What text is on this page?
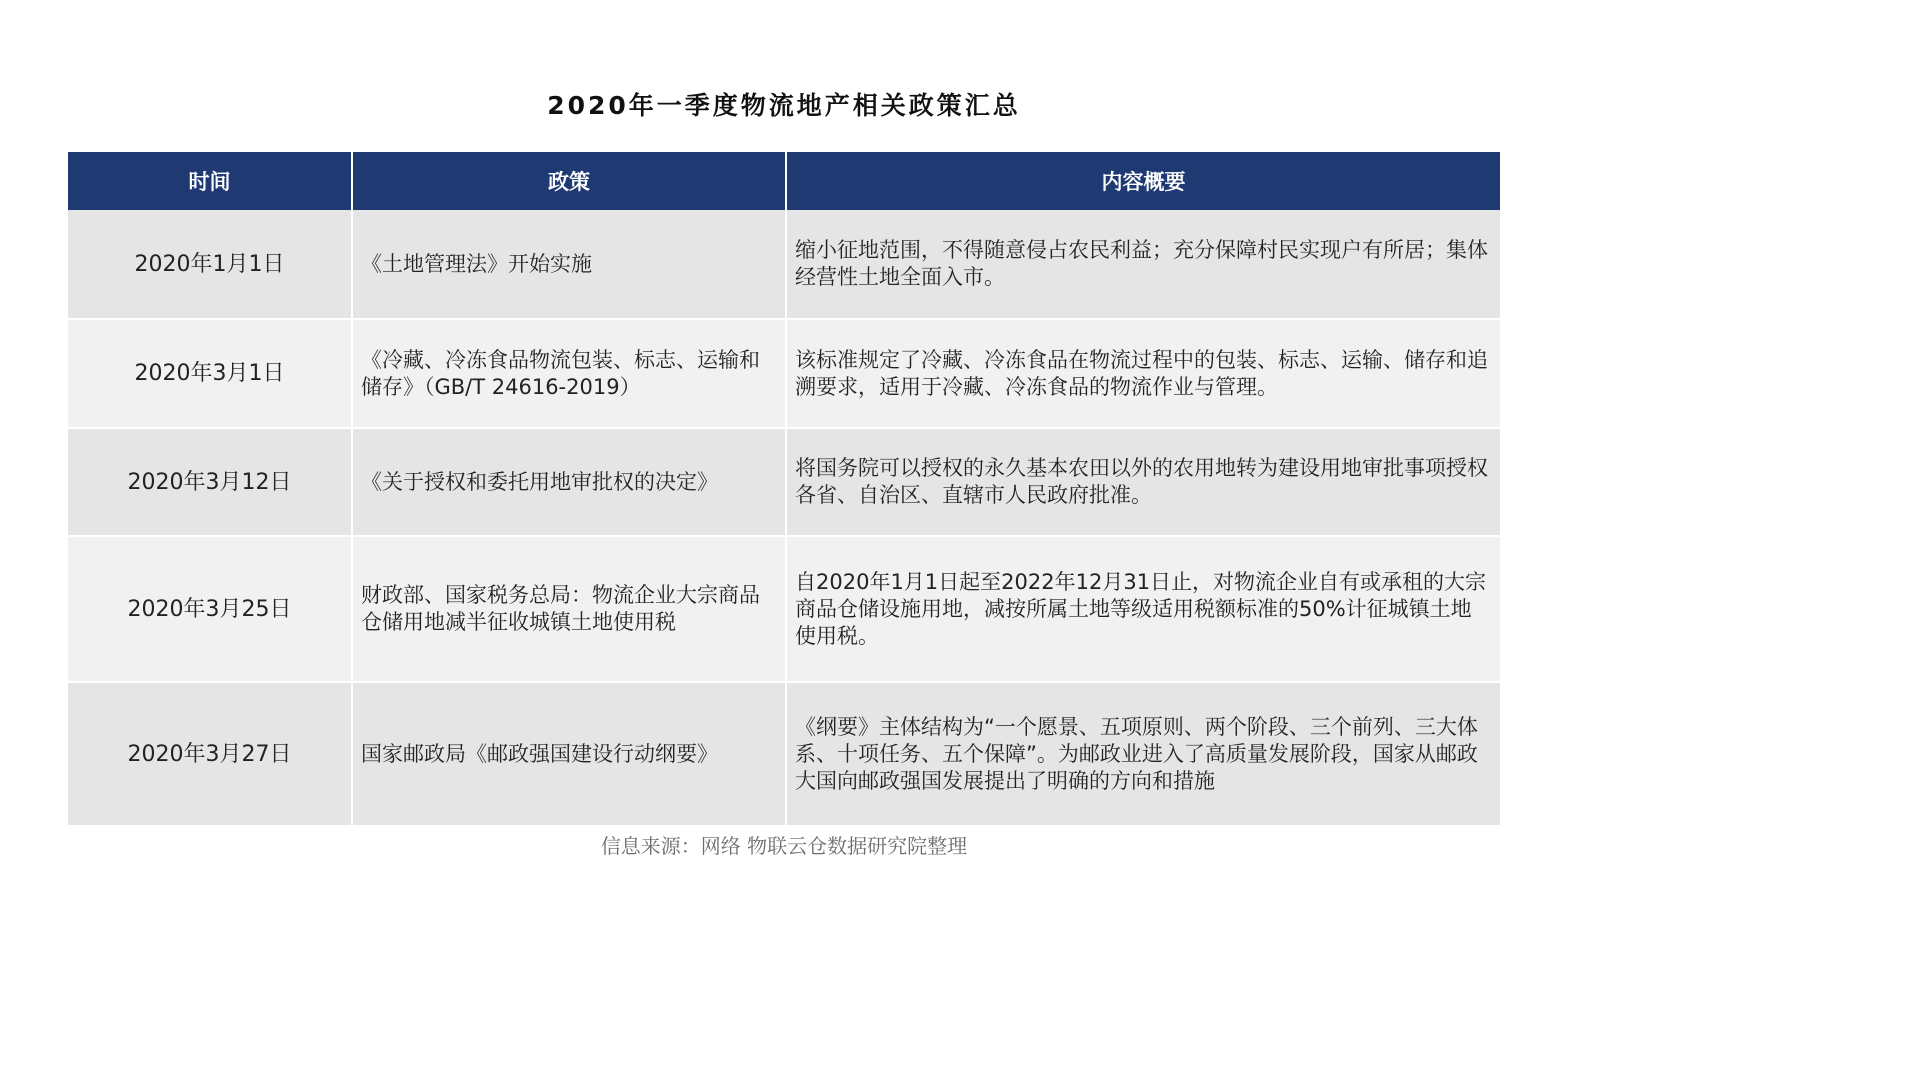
2020年一季度物流地产相关政策汇总
时间	政策	内容概要
2020年1月1日	《土地管理法》开始实施	缩小征地范围，不得随意侵占农民利益；充分保障村民实现户有所居；集体经营性土地全面入市。
2020年3月1日	《冷藏、冷冻食品物流包装、标志、运输和储存》（GB/T 24616-2019）	该标准规定了冷藏、冷冻食品在物流过程中的包装、标志、运输、储存和追溯要求，适用于冷藏、冷冻食品的物流作业与管理。
2020年3月12日	《关于授权和委托用地审批权的决定》	将国务院可以授权的永久基本农田以外的农用地转为建设用地审批事项授权各省、自治区、直辖市人民政府批准。
2020年3月25日	财政部、国家税务总局：物流企业大宗商品仓储用地减半征收城镇土地使用税	自2020年1月1日起至2022年12月31日止，对物流企业自有或承租的大宗商品仓储设施用地，减按所属土地等级适用税额标准的50%计征城镇土地使用税。
2020年3月27日	国家邮政局《邮政强国建设行动纲要》	《纲要》主体结构为“一个愿景、五项原则、两个阶段、三个前列、三大体系、十项任务、五个保障”。为邮政业进入了高质量发展阶段，国家从邮政大国向邮政强国发展提出了明确的方向和措施
信息来源：网络 物联云仓数据研究院整理
